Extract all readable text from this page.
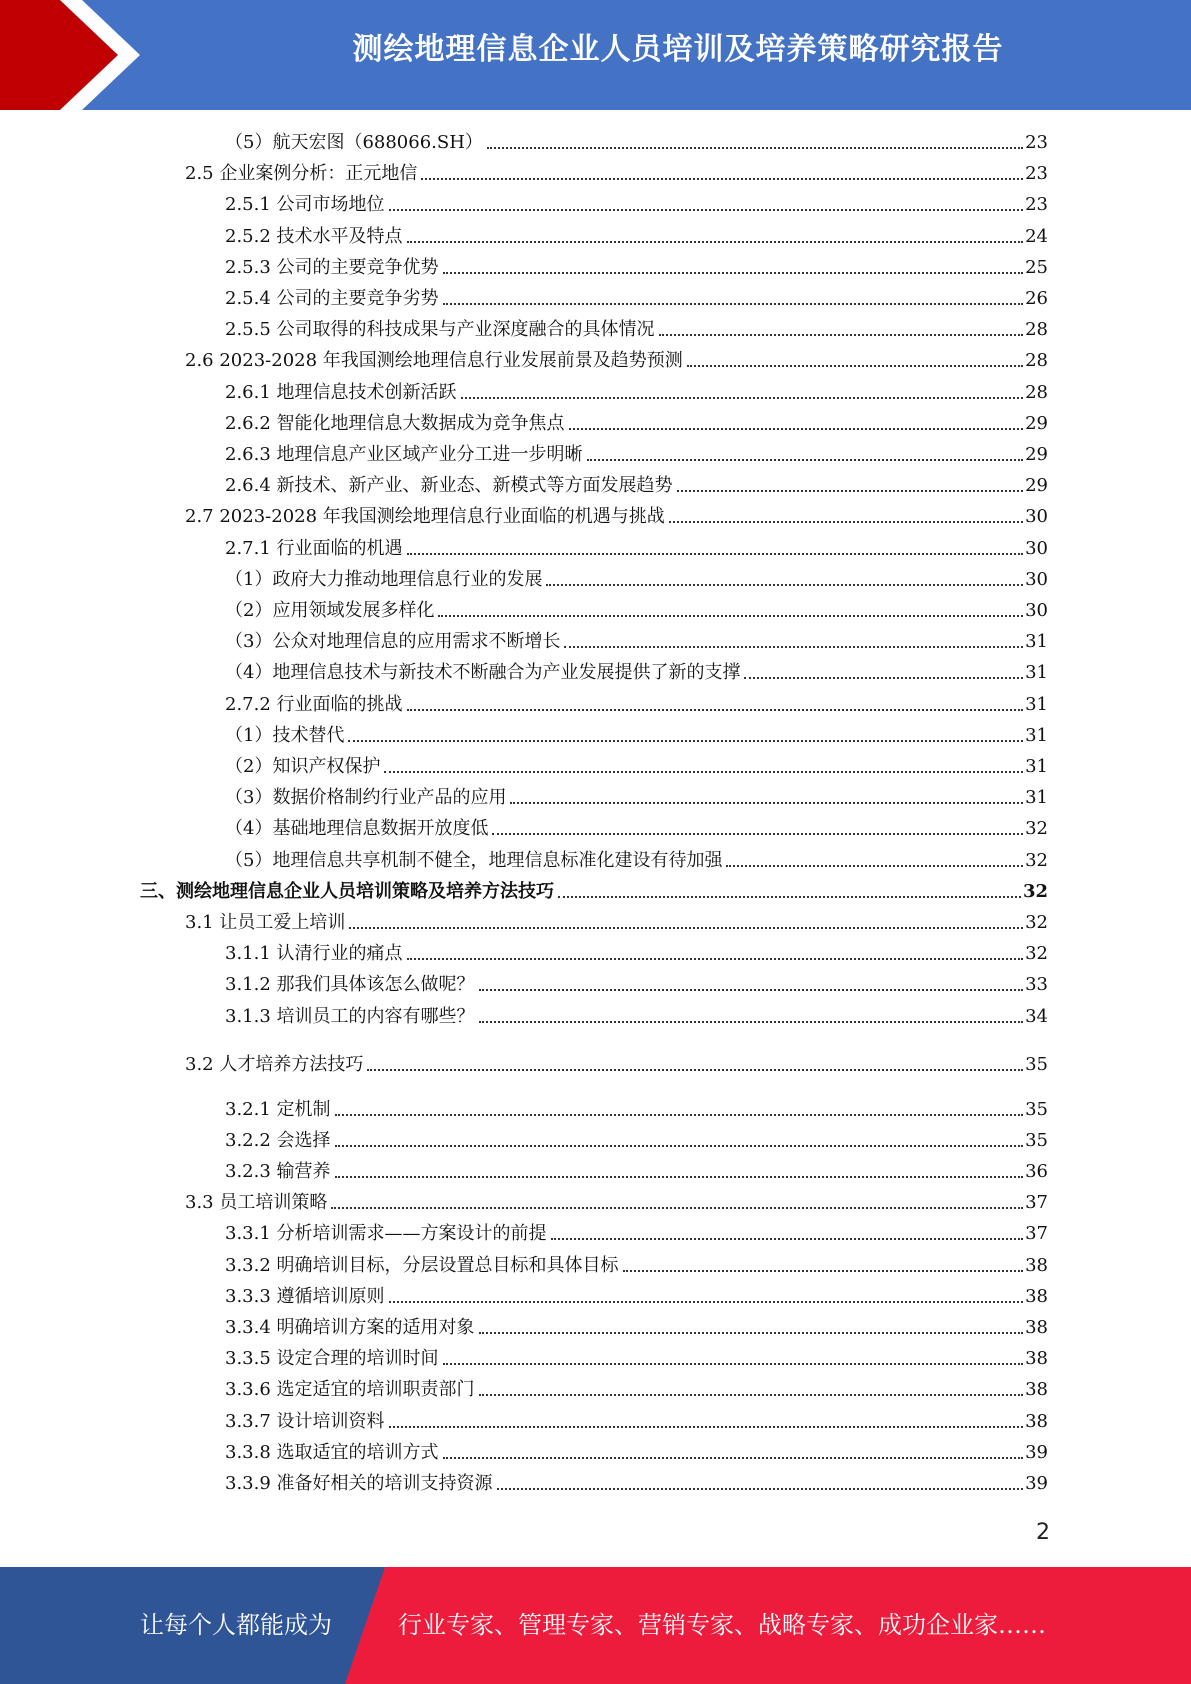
测绘地理信息企业人员培训及培养策略研究报告
（5）航天宏图（688066.SH）	23
2.5 企业案例分析：正元地信	23
2.5.1 公司市场地位	23
2.5.2 技术水平及特点	24
2.5.3 公司的主要竞争优势	25
2.5.4 公司的主要竞争劣势	26
2.5.5 公司取得的科技成果与产业深度融合的具体情况	28
2.6 2023-2028 年我国测绘地理信息行业发展前景及趋势预测	28
2.6.1 地理信息技术创新活跃	28
2.6.2 智能化地理信息大数据成为竞争焦点	29
2.6.3 地理信息产业区域产业分工进一步明晰	29
2.6.4 新技术、新产业、新业态、新模式等方面发展趋势	29
2.7 2023-2028 年我国测绘地理信息行业面临的机遇与挑战	30
2.7.1 行业面临的机遇	30
（1）政府大力推动地理信息行业的发展	30
（2）应用领域发展多样化	30
（3）公众对地理信息的应用需求不断增长	31
（4）地理信息技术与新技术不断融合为产业发展提供了新的支撑	31
2.7.2 行业面临的挑战	31
（1）技术替代	31
（2）知识产权保护	31
（3）数据价格制约行业产品的应用	31
（4）基础地理信息数据开放度低	32
（5）地理信息共享机制不健全，地理信息标准化建设有待加强	32
三、测绘地理信息企业人员培训策略及培养方法技巧	32
3.1 让员工爱上培训	32
3.1.1 认清行业的痛点	32
3.1.2 那我们具体该怎么做呢？	33
3.1.3 培训员工的内容有哪些？	34
3.2 人才培养方法技巧	35
3.2.1 定机制	35
3.2.2 会选择	35
3.2.3 输营养	36
3.3 员工培训策略	37
3.3.1 分析培训需求——方案设计的前提	37
3.3.2 明确培训目标，分层设置总目标和具体目标	38
3.3.3 遵循培训原则	38
3.3.4 明确培训方案的适用对象	38
3.3.5 设定合理的培训时间	38
3.3.6 选定适宜的培训职责部门	38
3.3.7 设计培训资料	38
3.3.8 选取适宜的培训方式	39
3.3.9 准备好相关的培训支持资源	39
2
让每个人都能成为	行业专家、管理专家、营销专家、战略专家、成功企业家……
